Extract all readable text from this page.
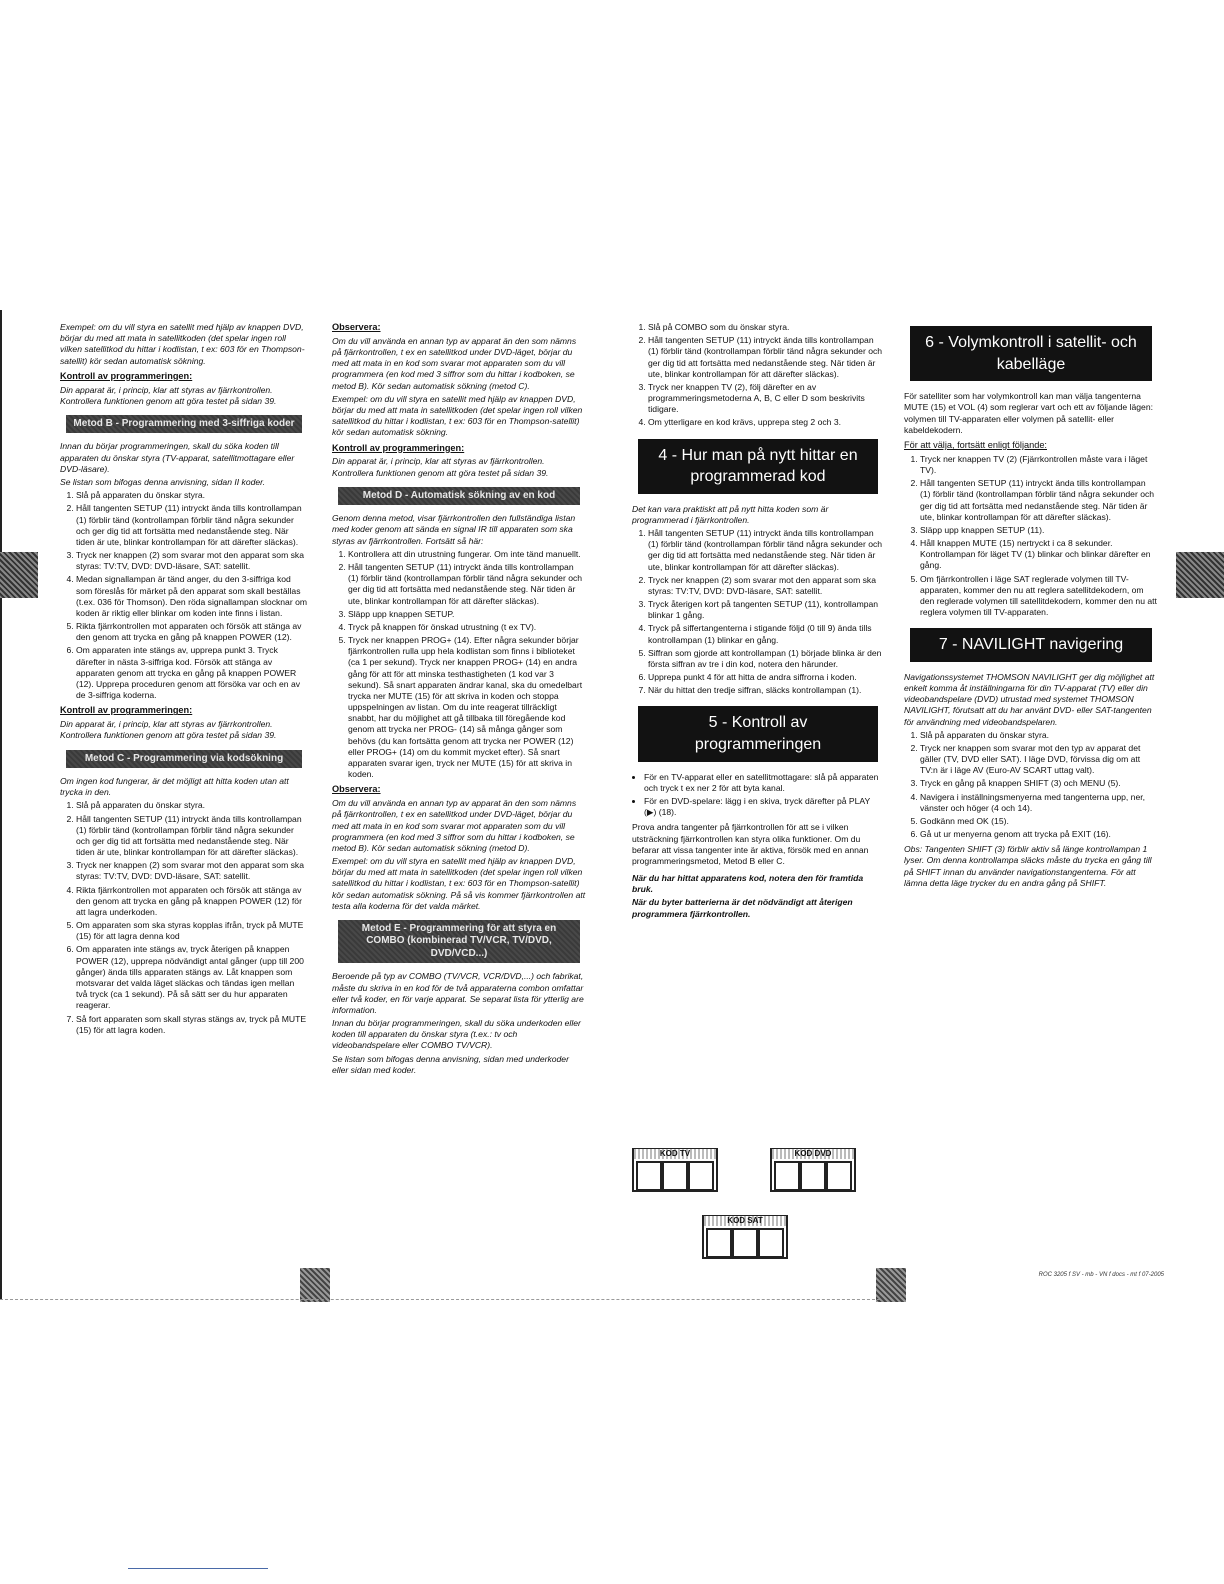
Exempel: om du vill styra en satellit med hjälp av knappen DVD, börjar du med att mata in satellitkoden (det spelar ingen roll vilken satellitkod du hittar i kodlistan, t ex: 603 för en Thompson-satellit) kör sedan automatisk sökning.

Kontroll av programmeringen:

Din apparat är, i princip, klar att styras av fjärrkontrollen. Kontrollera funktionen genom att göra testet på sidan 39.

Metod B - Programmering med 3-siffriga koder

Innan du börjar programmeringen, skall du söka koden till apparaten du önskar styra (TV-apparat, satellitmottagare eller DVD-läsare).

Se listan som bifogas denna anvisning, sidan II koder.

1. Slå på apparaten du önskar styra.
2. Håll tangenten SETUP (11) intryckt ända tills kontrollampan (1) förblir tänd (kontrollampan förblir tänd några sekunder och ger dig tid att fortsätta med nedanstående steg. När tiden är ute, blinkar kontrollampan för att därefter släckas).
3. Tryck ner knappen (2) som svarar mot den apparat som ska styras: TV:TV, DVD: DVD-läsare, SAT: satellit.
4. Medan signallampan är tänd anger, du den 3-siffriga kod som föreslås för märket på den apparat som skall beställas (t.ex. 036 för Thomson). Den röda signallampan slocknar om koden är riktig eller blinkar om koden inte finns i listan.
5. Rikta fjärrkontrollen mot apparaten och försök att stänga av den genom att trycka en gång på knappen POWER (12).
6. Om apparaten inte stängs av, upprepa punkt 3. Tryck därefter in nästa 3-siffriga kod. Försök att stänga av apparaten genom att trycka en gång på knappen POWER (12). Upprepa proceduren genom att försöka var och en av de 3-siffriga koderna.

Kontroll av programmeringen:

Din apparat är, i princip, klar att styras av fjärrkontrollen. Kontrollera funktionen genom att göra testet på sidan 39.

Metod C - Programmering via kodsökning

Om ingen kod fungerar, är det möjligt att hitta koden utan att trycka in den.

1. Slå på apparaten du önskar styra.
2. Håll tangenten SETUP (11) intryckt ända tills kontrollampan (1) förblir tänd (kontrollampan förblir tänd några sekunder och ger dig tid att fortsätta med nedanstående steg. När tiden är ute, blinkar kontrollampan för att därefter släckas).
3. Tryck ner knappen (2) som svarar mot den apparat som ska styras: TV:TV, DVD: DVD-läsare, SAT: satellit.
4. Rikta fjärrkontrollen mot apparaten och försök att stänga av den genom att trycka en gång på knappen POWER (12) för att lagra underkoden.
5. Om apparaten som ska styras kopplas ifrån, tryck på MUTE (15) för att lagra denna kod
6. Om apparaten inte stängs av, tryck återigen på knappen POWER (12), upprepa nödvändigt antal gånger (upp till 200 gånger) ända tills apparaten stängs av. Låt knappen som motsvarar det valda läget släckas och tändas igen mellan två tryck (ca 1 sekund). På så sätt ser du hur apparaten reagerar.
7. Så fort apparaten som skall styras stängs av, tryck på MUTE (15) för att lagra koden.

Observera:

Om du vill använda en annan typ av apparat än den som nämns på fjärrkontrollen, t ex en satellitkod under DVD-läget, börjar du med att mata in en kod som svarar mot apparaten som du vill programmera (en kod med 3 siffror som du hittar i kodboken, se metod B). Kör sedan automatisk sökning (metod C).

Exempel: om du vill styra en satellit med hjälp av knappen DVD, börjar du med att mata in satellitkoden (det spelar ingen roll vilken satellitkod du hittar i kodlistan, t ex: 603 för en Thompson-satellit) kör sedan automatisk sökning.

Kontroll av programmeringen:

Din apparat är, i princip, klar att styras av fjärrkontrollen. Kontrollera funktionen genom att göra testet på sidan 39.

Metod D - Automatisk sökning av en kod

Genom denna metod, visar fjärrkontrollen den fullständiga listan med koder genom att sända en signal IR till apparaten som ska styras av fjärrkontrollen. Fortsätt så här:

1. Kontrollera att din utrustning fungerar. Om inte tänd manuellt.
2. Håll tangenten SETUP (11) intryckt ända tills kontrollampan (1) förblir tänd (kontrollampan förblir tänd några sekunder och ger dig tid att fortsätta med nedanstående steg. När tiden är ute, blinkar kontrollampan för att därefter släckas).
3. Släpp upp knappen SETUP.
4. Tryck på knappen för önskad utrustning (t ex TV).
5. Tryck ner knappen PROG+ (14). Efter några sekunder börjar fjärrkontrollen rulla upp hela kodlistan som finns i biblioteket (ca 1 per sekund). Tryck ner knappen PROG+ (14) en andra gång för att för att minska testhastigheten (1 kod var 3 sekund). Så snart apparaten ändrar kanal, ska du omedelbart trycka ner MUTE (15) för att skriva in koden och stoppa uppspelningen av listan. Om du inte reagerat tillräckligt snabbt, har du möjlighet att gå tillbaka till föregående kod genom att trycka ner PROG- (14) så många gånger som behövs (du kan fortsätta genom att trycka ner POWER (12) eller PROG+ (14) om du kommit mycket efter). Så snart apparaten svarar igen, tryck ner MUTE (15) för att skriva in koden.

Observera:

Om du vill använda en annan typ av apparat än den som nämns på fjärrkontrollen, t ex en satellitkod under DVD-läget, börjar du med att mata in en kod som svarar mot apparaten som du vill programmera (en kod med 3 siffror som du hittar i kodboken, se metod B). Kör sedan automatisk sökning (metod D).

Exempel: om du vill styra en satellit med hjälp av knappen DVD, börjar du med att mata in satellitkoden (det spelar ingen roll vilken satellitkod du hittar i kodlistan, t ex: 603 för en Thompson-satellit) kör sedan automatisk sökning. På så vis kommer fjärrkontrollen att testa alla koderna för det valda märket.

Metod E - Programmering för att styra en COMBO (kombinerad TV/VCR, TV/DVD, DVD/VCD...)

Beroende på typ av COMBO (TV/VCR, VCR/DVD,...) och fabrikat, måste du skriva in en kod för de två apparaterna combon omfattar eller två koder, en för varje apparat. Se separat lista för ytterlig are information.

Innan du börjar programmeringen, skall du söka underkoden eller koden till apparaten du önskar styra (t.ex.: tv och videobandspelare eller COMBO TV/VCR).

Se listan som bifogas denna anvisning, sidan med underkoder eller sidan med koder.

1. Slå på COMBO som du önskar styra.
2. Håll tangenten SETUP (11) intryckt ända tills kontrollampan (1) förblir tänd (kontrollampan förblir tänd några sekunder och ger dig tid att fortsätta med nedanstående steg. När tiden är ute, blinkar kontrollampan för att därefter släckas).
3. Tryck ner knappen TV (2), följ därefter en av programmeringsmetoderna A, B, C eller D som beskrivits tidigare.
4. Om ytterligare en kod krävs, upprepa steg 2 och 3.
4 - Hur man på nytt hittar en programmerad kod

Det kan vara praktiskt att på nytt hitta koden som är programmerad i fjärrkontrollen.

1. Håll tangenten SETUP (11) intryckt ända tills kontrollampan (1) förblir tänd (kontrollampan förblir tänd några sekunder och ger dig tid att fortsätta med nedanstående steg. När tiden är ute, blinkar kontrollampan för att därefter släckas).
2. Tryck ner knappen (2) som svarar mot den apparat som ska styras: TV:TV, DVD: DVD-läsare, SAT: satellit.
3. Tryck återigen kort på tangenten SETUP (11), kontrollampan blinkar 1 gång.
4. Tryck på siffertangenterna i stigande följd (0 till 9) ända tills kontrollampan (1) blinkar en gång.
5. Siffran som gjorde att kontrollampan (1) började blinka är den första siffran av tre i din kod, notera den härunder.
6. Upprepa punkt 4 för att hitta de andra siffrorna i koden.
7. När du hittat den tredje siffran, släcks kontrollampan (1).
5 - Kontroll av programmeringen
• För en TV-apparat eller en satellitmottagare: slå på apparaten och tryck t ex ner 2 för att byta kanal.
• För en DVD-spelare: lägg i en skiva, tryck därefter på PLAY (▶) (18).

Prova andra tangenter på fjärrkontrollen för att se i vilken utsträckning fjärrkontrollen kan styra olika funktioner. Om du befarar att vissa tangenter inte är aktiva, försök med en annan programmeringsmetod, Metod B eller C.

När du har hittat apparatens kod, notera den för framtida bruk.

När du byter batterierna är det nödvändigt att återigen programmera fjärrkontrollen.

KOD TV	KOD DVD
KOD SAT
6 - Volymkontroll i satellit- och kabelläge

För satelliter som har volymkontroll kan man välja tangenterna MUTE (15) et VOL (4) som reglerar vart och ett av följande lägen: volymen till TV-apparaten eller volymen på satellit- eller kabeldekodern.

För att välja, fortsätt enligt följande:

1. Tryck ner knappen TV (2) (Fjärrkontrollen måste vara i läget TV).
2. Håll tangenten SETUP (11) intryckt ända tills kontrollampan (1) förblir tänd (kontrollampan förblir tänd några sekunder och ger dig tid att fortsätta med nedanstående steg. När tiden är ute, blinkar kontrollampan för att därefter släckas).
3. Släpp upp knappen SETUP (11).
4. Håll knappen MUTE (15) nertryckt i ca 8 sekunder. Kontrollampan för läget TV (1) blinkar och blinkar därefter en gång.
5. Om fjärrkontrollen i läge SAT reglerade volymen till TV-apparaten, kommer den nu att reglera satellitdekodern, om den reglerade volymen till satellitdekodern, kommer den nu att reglera volymen till TV-apparaten.
7 - NAVILIGHT navigering

Navigationssystemet THOMSON NAVILIGHT ger dig möjlighet att enkelt komma åt inställningarna för din TV-apparat (TV) eller din videobandspelare (DVD) utrustad med systemet THOMSON NAVILIGHT, förutsatt att du har använt DVD- eller SAT-tangenten för användning med videobandspelaren.

1. Slå på apparaten du önskar styra.
2. Tryck ner knappen som svarar mot den typ av apparat det gäller (TV, DVD eller SAT). I läge DVD, förvissa dig om att TV:n är i läge AV (Euro-AV SCART uttag valt).
3. Tryck en gång på knappen SHIFT (3) och MENU (5).
4. Navigera i inställningsmenyerna med tangenterna upp, ner, vänster och höger (4 och 14).
5. Godkänn med OK (15).
6. Gå ut ur menyerna genom att trycka på EXIT (16).

Obs: Tangenten SHIFT (3) förblir aktiv så länge kontrollampan 1 lyser. Om denna kontrollampa släcks måste du trycka en gång till på SHIFT innan du använder navigationstangenterna. För att lämna detta läge trycker du en andra gång på SHIFT.

ROC 3205 f SV - mb - VN f docs - mt f 07-2005
